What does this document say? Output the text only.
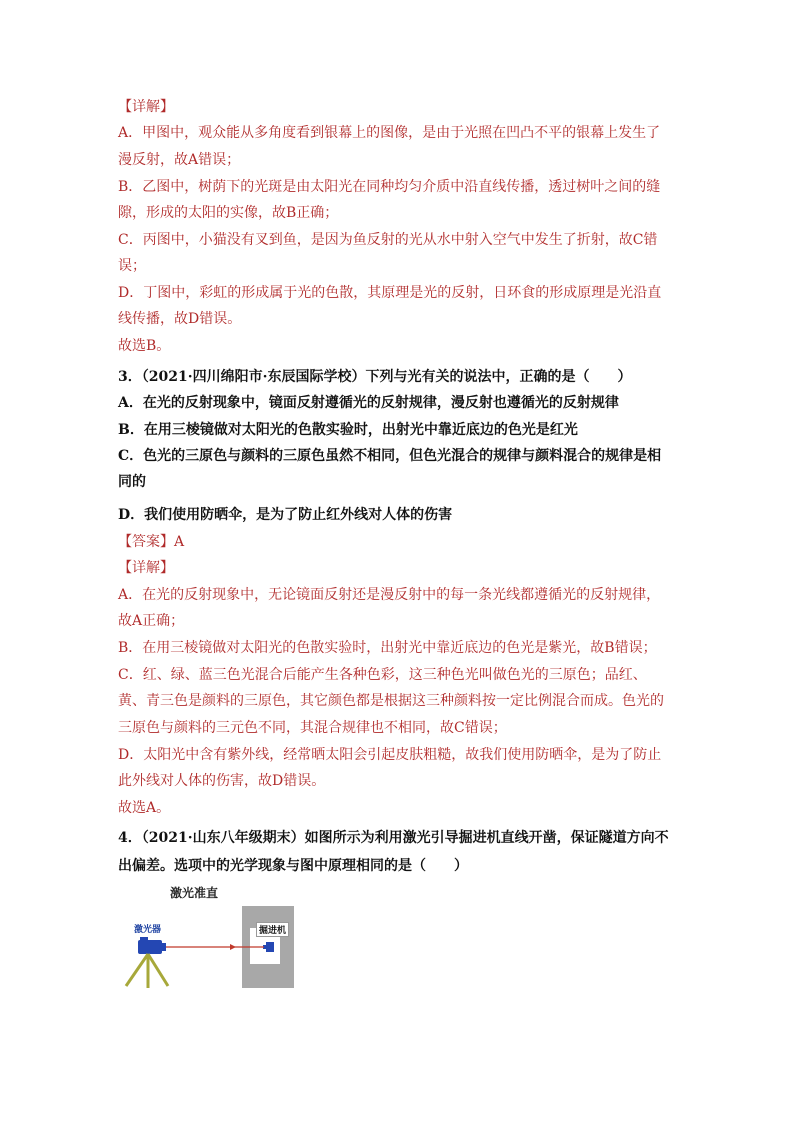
【详解】
A．甲图中，观众能从多角度看到银幕上的图像，是由于光照在凹凸不平的银幕上发生了
漫反射，故A错误；
B．乙图中，树荫下的光斑是由太阳光在同种均匀介质中沿直线传播，透过树叶之间的缝
隙，形成的太阳的实像，故B正确；
C．丙图中，小猫没有叉到鱼，是因为鱼反射的光从水中射入空气中发生了折射，故C错
误；
D．丁图中，彩虹的形成属于光的色散，其原理是光的反射，日环食的形成原理是光沿直
线传播，故D错误。
故选B。
3．（2021·四川绵阳市·东辰国际学校）下列与光有关的说法中，正确的是（　　）
A．在光的反射现象中，镜面反射遵循光的反射规律，漫反射也遵循光的反射规律
B．在用三棱镜做对太阳光的色散实验时，出射光中靠近底边的色光是红光
C．色光的三原色与颜料的三原色虽然不相同，但色光混合的规律与颜料混合的规律是相
同的
D．我们使用防晒伞，是为了防止红外线对人体的伤害
【答案】A
【详解】
A．在光的反射现象中，无论镜面反射还是漫反射中的每一条光线都遵循光的反射规律，
故A正确；
B．在用三棱镜做对太阳光的色散实验时，出射光中靠近底边的色光是紫光，故B错误；
C．红、绿、蓝三色光混合后能产生各种色彩，这三种色光叫做色光的三原色；品红、
黄、青三色是颜料的三原色，其它颜色都是根据这三种颜料按一定比例混合而成。色光的
三原色与颜料的三元色不同，其混合规律也不相同，故C错误；
D．太阳光中含有紫外线，经常晒太阳会引起皮肤粗糙，故我们使用防晒伞，是为了防止
此外线对人体的伤害，故D错误。
故选A。
4．（2021·山东八年级期末）如图所示为利用激光引导掘进机直线开凿，保证隧道方向不
出偏差。选项中的光学现象与图中原理相同的是（　　）
激光准直
激光器	掘进机
